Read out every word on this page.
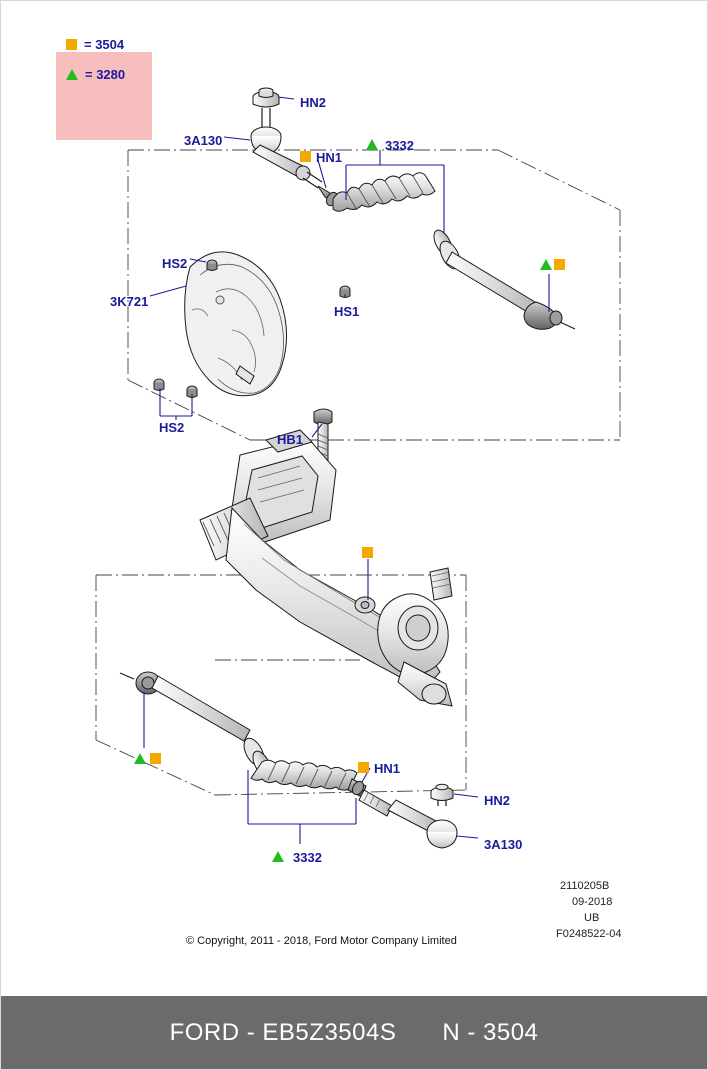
= 3504
= 3280
HN2
3A130
HN1
3332
HS2
3K721
HS1
HS2
HB1
HN1
HN2
3A130
3332
2110205B
09-2018
UB
F0248522-04
© Copyright, 2011 - 2018, Ford Motor Company Limited
FORD - EB5Z3504S N - 3504
